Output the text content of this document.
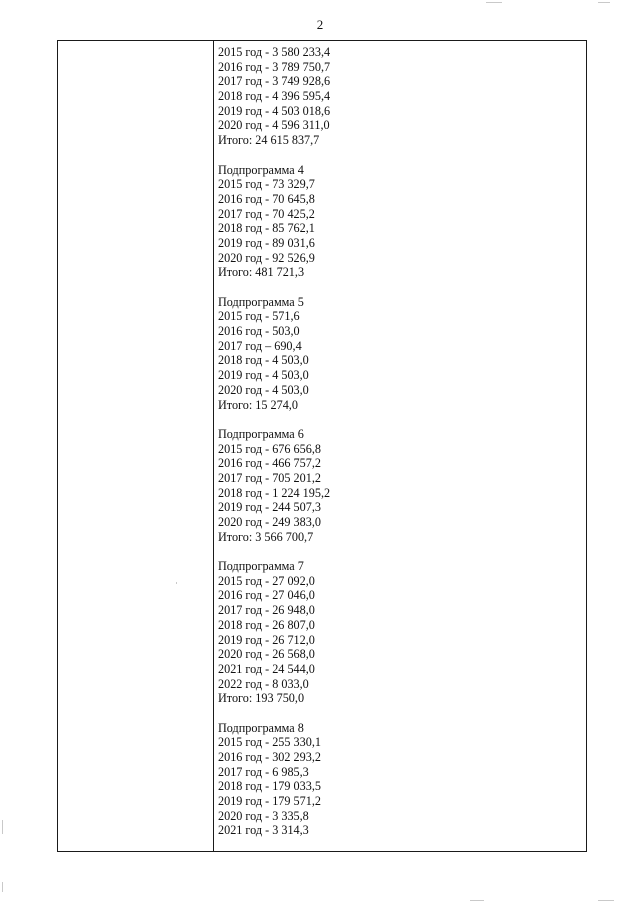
2
2015 год - 3 580 233,4
2016 год - 3 789 750,7
2017 год - 3 749 928,6
2018 год - 4 396 595,4
2019 год - 4 503 018,6
2020 год - 4 596 311,0
Итого: 24 615 837,7
Подпрограмма 4
2015 год - 73 329,7
2016 год - 70 645,8
2017 год - 70 425,2
2018 год - 85 762,1
2019 год - 89 031,6
2020 год - 92 526,9
Итого: 481 721,3
Подпрограмма 5
2015 год - 571,6
2016 год - 503,0
2017 год – 690,4
2018 год - 4 503,0
2019 год - 4 503,0
2020 год - 4 503,0
Итого: 15 274,0
Подпрограмма 6
2015 год - 676 656,8
2016 год - 466 757,2
2017 год - 705 201,2
2018 год - 1 224 195,2
2019 год - 244 507,3
2020 год - 249 383,0
Итого: 3 566 700,7
Подпрограмма 7
2015 год - 27 092,0
2016 год - 27 046,0
2017 год - 26 948,0
2018 год - 26 807,0
2019 год - 26 712,0
2020 год - 26 568,0
2021 год - 24 544,0
2022 год - 8 033,0
Итого: 193 750,0
Подпрограмма 8
2015 год - 255 330,1
2016 год - 302 293,2
2017 год - 6 985,3
2018 год - 179 033,5
2019 год - 179 571,2
2020 год - 3 335,8
2021 год - 3 314,3
